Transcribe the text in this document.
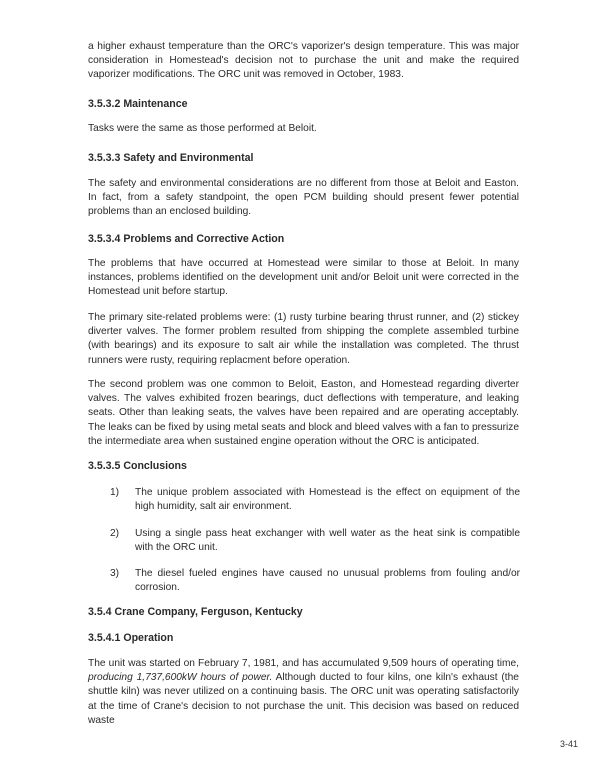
a higher exhaust temperature than the ORC's vaporizer's design temperature. This was major consideration in Homestead's decision not to purchase the unit and make the required vaporizer modifications. The ORC unit was removed in October, 1983.

3.5.3.2 Maintenance

Tasks were the same as those performed at Beloit.

3.5.3.3 Safety and Environmental

The safety and environmental considerations are no different from those at Beloit and Easton. In fact, from a safety standpoint, the open PCM building should present fewer potential problems than an enclosed building.

3.5.3.4 Problems and Corrective Action

The problems that have occurred at Homestead were similar to those at Beloit. In many instances, problems identified on the development unit and/or Beloit unit were corrected in the Homestead unit before startup.

The primary site-related problems were: (1) rusty turbine bearing thrust runner, and (2) stickey diverter valves. The former problem resulted from shipping the complete assembled turbine (with bearings) and its exposure to salt air while the installation was completed. The thrust runners were rusty, requiring replacment before operation.

The second problem was one common to Beloit, Easton, and Homestead regarding diverter valves. The valves exhibited frozen bearings, duct deflections with temperature, and leaking seats. Other than leaking seats, the valves have been repaired and are operating acceptably. The leaks can be fixed by using metal seats and block and bleed valves with a fan to pressurize the intermediate area when sustained engine operation without the ORC is anticipated.

3.5.3.5 Conclusions
1) The unique problem associated with Homestead is the effect on equipment of the high humidity, salt air environment.

2) Using a single pass heat exchanger with well water as the heat sink is compatible with the ORC unit.

3) The diesel fueled engines have caused no unusual problems from fouling and/or corrosion.

3.5.4 Crane Company, Ferguson, Kentucky
3.5.4.1 Operation

The unit was started on February 7, 1981, and has accumulated 9,509 hours of operating time, producing 1,737,600kW hours of power. Although ducted to four kilns, one kiln's exhaust (the shuttle kiln) was never utilized on a continuing basis. The ORC unit was operating satisfactorily at the time of Crane's decision to not purchase the unit. This decision was based on reduced waste

3-41
